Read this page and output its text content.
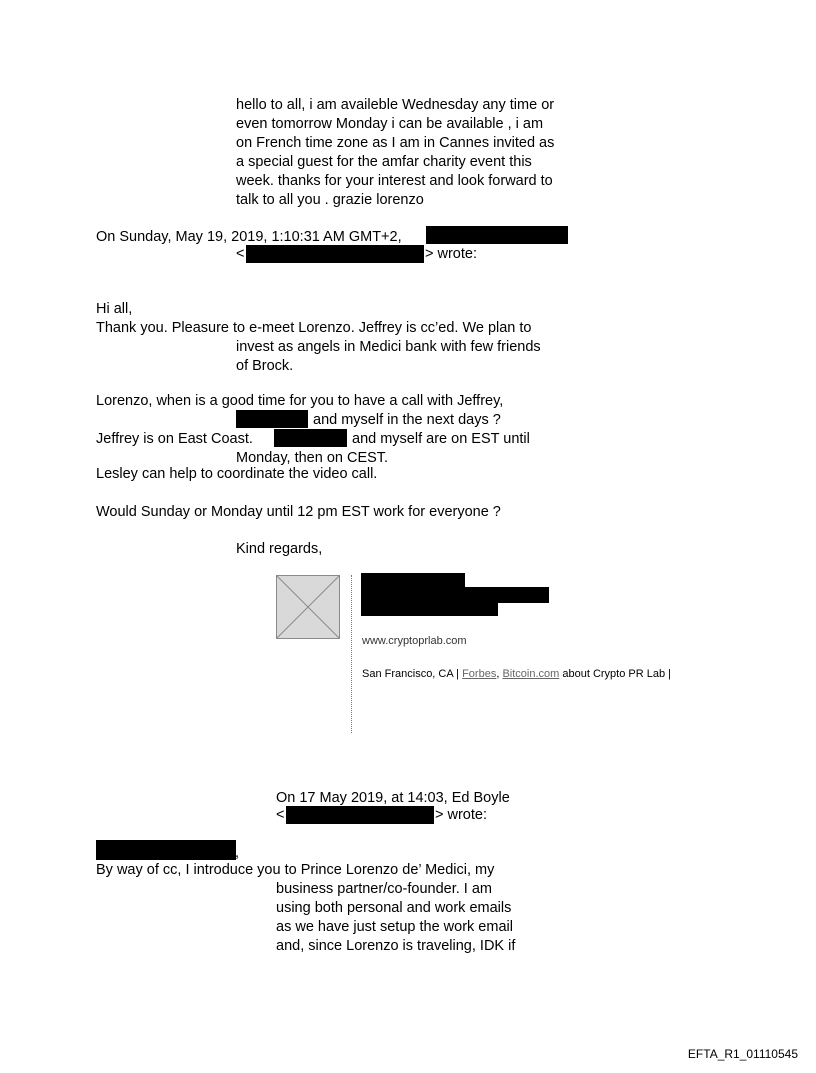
hello to all, i am availeble Wednesday any time or
even tomorrow Monday i can be available , i am
on French time zone as I am in Cannes invited as
a special guest for the amfar charity event this
week. thanks for your interest and look forward to
talk to all you . grazie lorenzo
On Sunday, May 19, 2019, 1:10:31 AM GMT+2,
<	> wrote:
Hi all,
Thank you. Pleasure to e-meet Lorenzo. Jeffrey is cc’ed. We plan to
invest as angels in Medici bank with few friends
of Brock.
Lorenzo, when is a good time for you to have a call with Jeffrey,
and myself in the next days ?
Jeffrey is on East Coast.	and myself are on EST until
Monday, then on CEST.
Lesley can help to coordinate the video call.
Would Sunday or Monday until 12 pm EST work for everyone ?
Kind regards,
www.cryptoprlab.com
San Francisco, CA | Forbes, Bitcoin.com about Crypto PR Lab |
On 17 May 2019, at 14:03, Ed Boyle
<	> wrote:
,
By way of cc, I introduce you to Prince Lorenzo de’ Medici, my
business partner/co-founder. I am
using both personal and work emails
as we have just setup the work email
and, since Lorenzo is traveling, IDK if
EFTA_R1_01110545
